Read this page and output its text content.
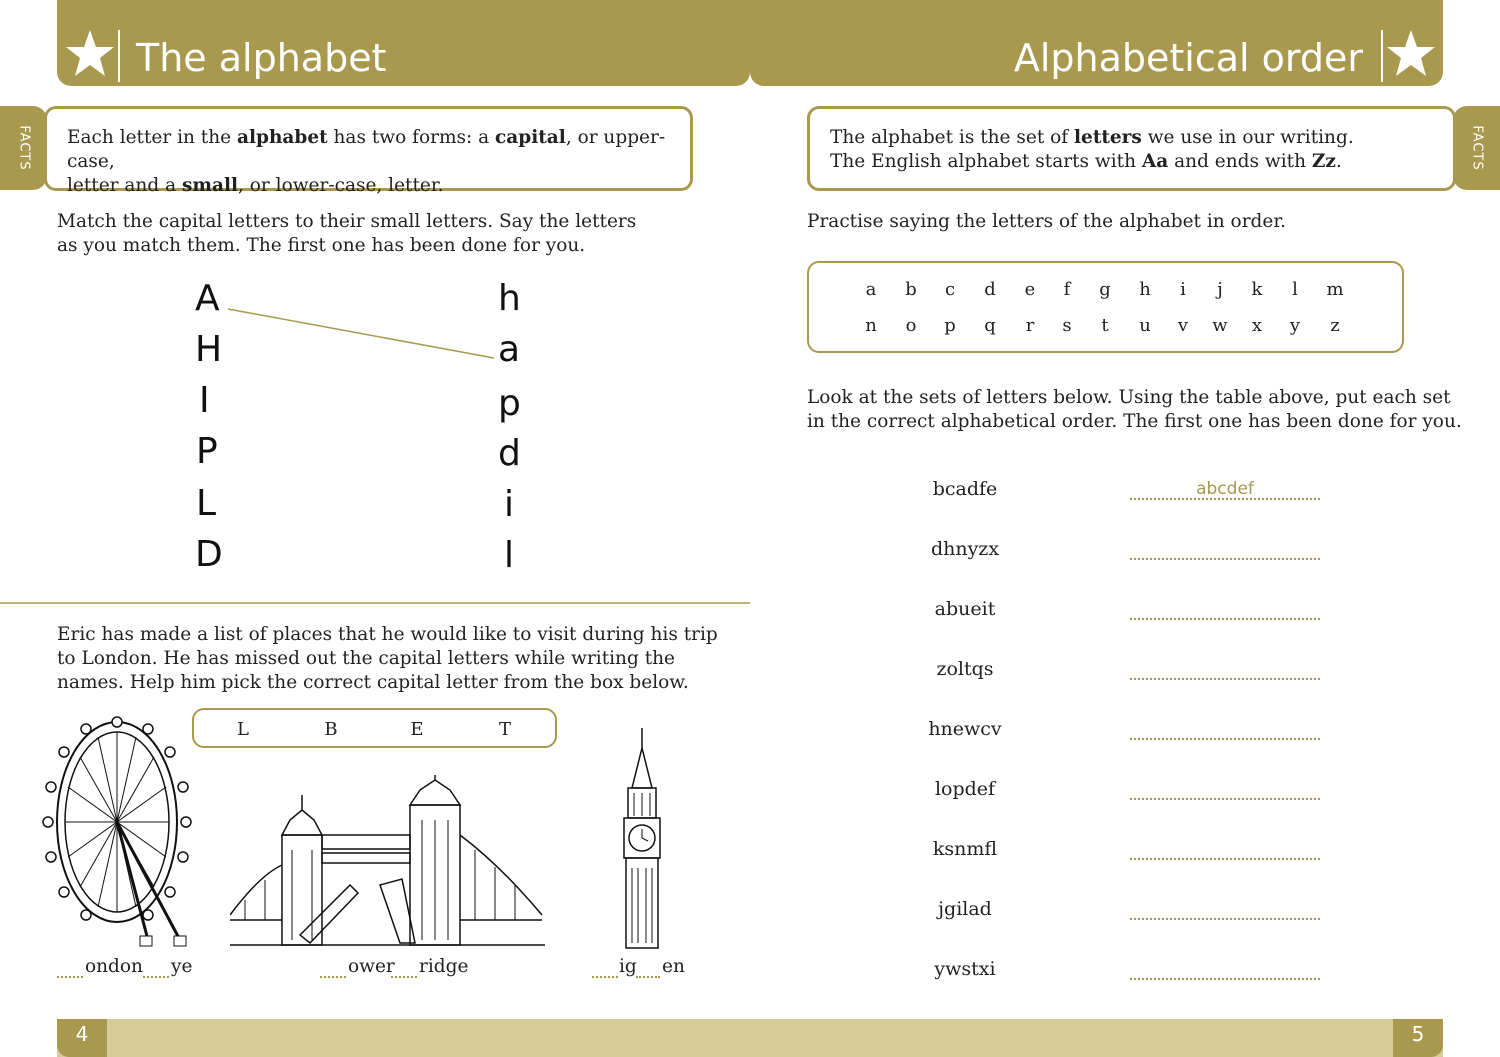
The alphabet	Alphabetical order
FACTS Each letter in the alphabet has two forms: a capital, or upper-case,
letter and a small, or lower-case, letter.
The alphabet is the set of letters we use in our writing.
The English alphabet starts with Aa and ends with Zz.	FACTS
Match the capital letters to their small letters. Say the letters
as you match them. The first one has been done for you.
A
H
I
P
L
D
h
a
p
d
i
l
Eric has made a list of places that he would like to visit during his trip
to London. He has missed out the capital letters while writing the
names. Help him pick the correct capital letter from the box below.
L	B	E	T
ondon ye	ower ridge	ig en
Practise saying the letters of the alphabet in order.
a b c d e	f	g h	i	j	k	l	m
n o p q	r	s	t	u v w x y z
Look at the sets of letters below. Using the table above, put each set
in the correct alphabetical order. The first one has been done for you.
bcadfe	abcdef
dhnyzx
abueit
zoltqs
hnewcv
lopdef
ksnmfl
jgilad
ywstxi
4	5
